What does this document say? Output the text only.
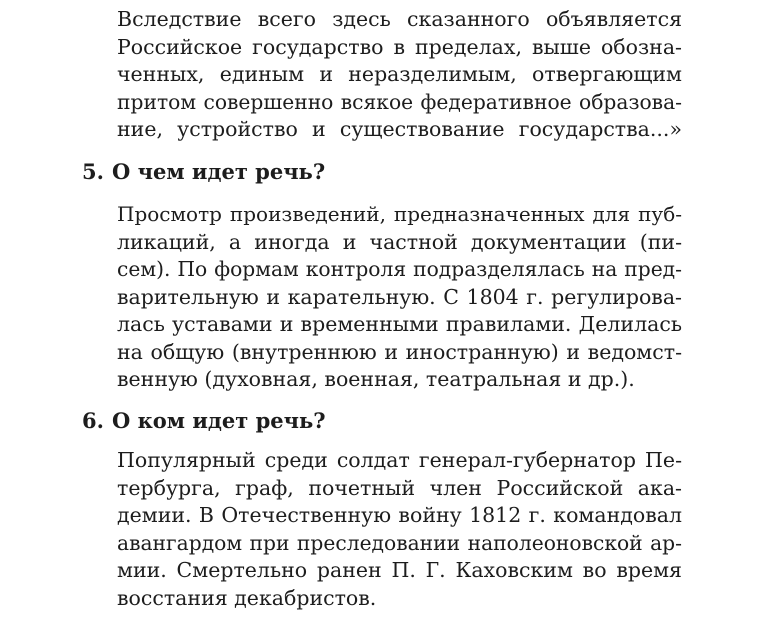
Вследствие всего здесь сказанного объявляется
Российское государство в пределах, выше обозна-
ченных, единым и неразделимым, отвергающим
притом совершенно всякое федеративное образова-
ние, устройство и существование государства...»
5. О чем идет речь?
Просмотр произведений, предназначенных для пуб-
ликаций, а иногда и частной документации (пи-
сем). По формам контроля подразделялась на пред-
варительную и карательную. С 1804 г. регулирова-
лась уставами и временными правилами. Делилась
на общую (внутреннюю и иностранную) и ведомст-
венную (духовная, военная, театральная и др.).
6. О ком идет речь?
Популярный среди солдат генерал-губернатор Пе-
тербурга, граф, почетный член Российской ака-
демии. В Отечественную войну 1812 г. командовал
авангардом при преследовании наполеоновской ар-
мии. Смертельно ранен П. Г. Каховским во время
восстания декабристов.
